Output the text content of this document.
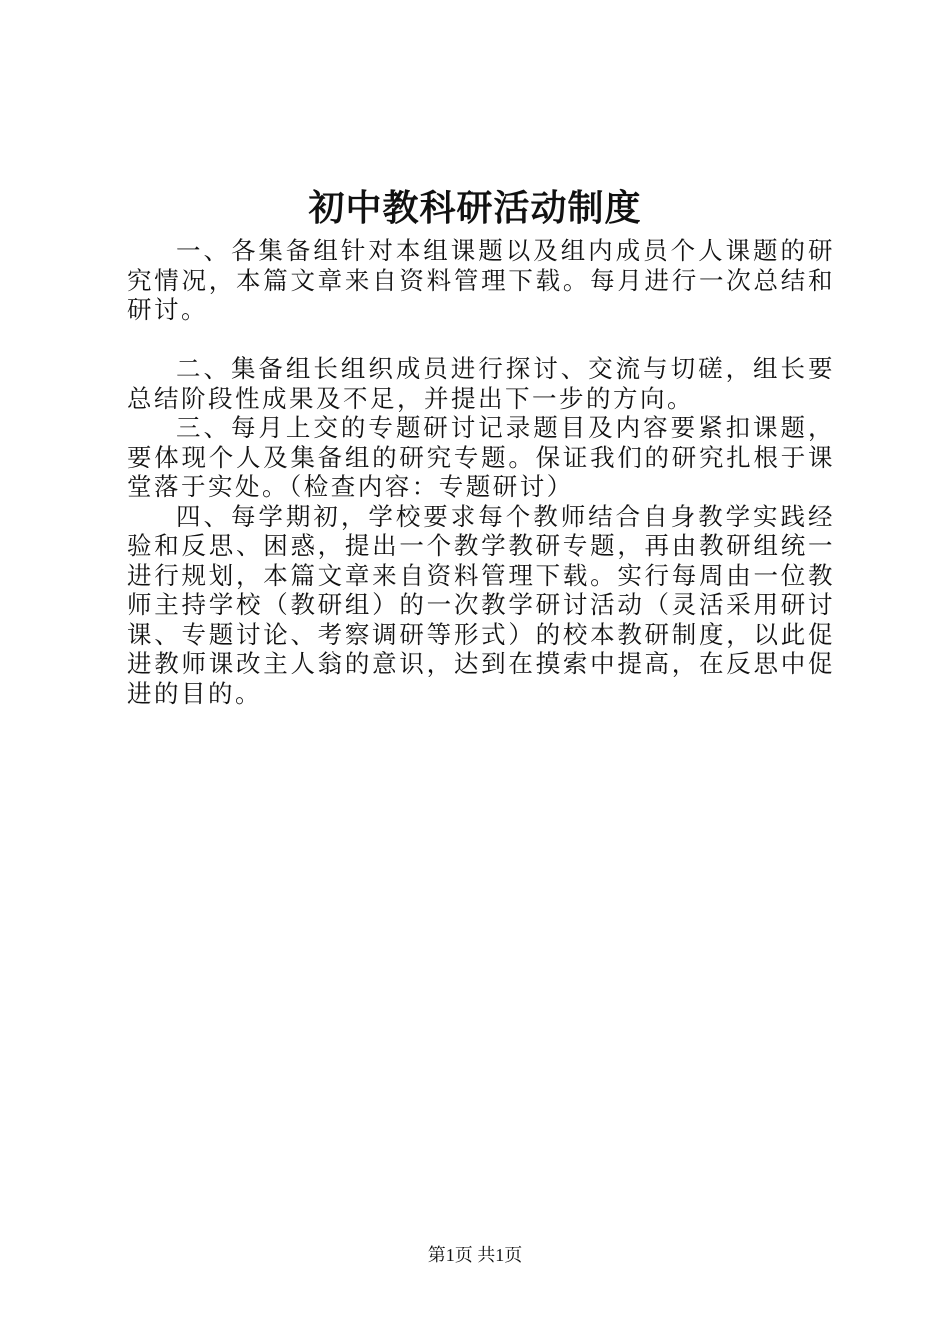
初中教科研活动制度

一、各集备组针对本组课题以及组内成员个人课题的研究情况，本篇文章来自资料管理下载。每月进行一次总结和研讨。

二、集备组长组织成员进行探讨、交流与切磋，组长要总结阶段性成果及不足，并提出下一步的方向。

三、每月上交的专题研讨记录题目及内容要紧扣课题，要体现个人及集备组的研究专题。保证我们的研究扎根于课堂落于实处。（检查内容：专题研讨）

四、每学期初，学校要求每个教师结合自身教学实践经验和反思、困惑，提出一个教学教研专题，再由教研组统一进行规划，本篇文章来自资料管理下载。实行每周由一位教师主持学校（教研组）的一次教学研讨活动（灵活采用研讨课、专题讨论、考察调研等形式）的校本教研制度，以此促进教师课改主人翁的意识，达到在摸索中提高，在反思中促进的目的。

第1页 共1页
